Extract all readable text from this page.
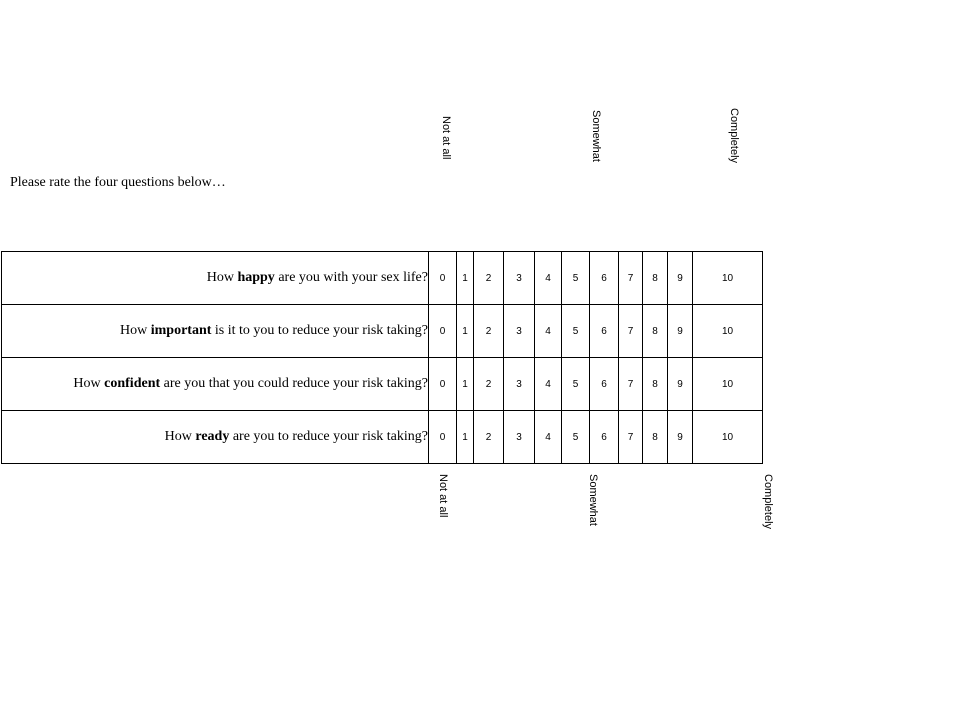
Please rate the four questions below…
Not at all	Somewhat	Completely
How happy are you with your sex life?	0	1	2	3	4	5	6	7	8	9	10
How important is it to you to reduce your risk taking?	0	1	2	3	4	5	6	7	8	9	10
How confident are you that you could reduce your risk taking?	0	1	2	3	4	5	6	7	8	9	10
How ready are you to reduce your risk taking?	0	1	2	3	4	5	6	7	8	9	10
Not at all	Somewhat	Completely
